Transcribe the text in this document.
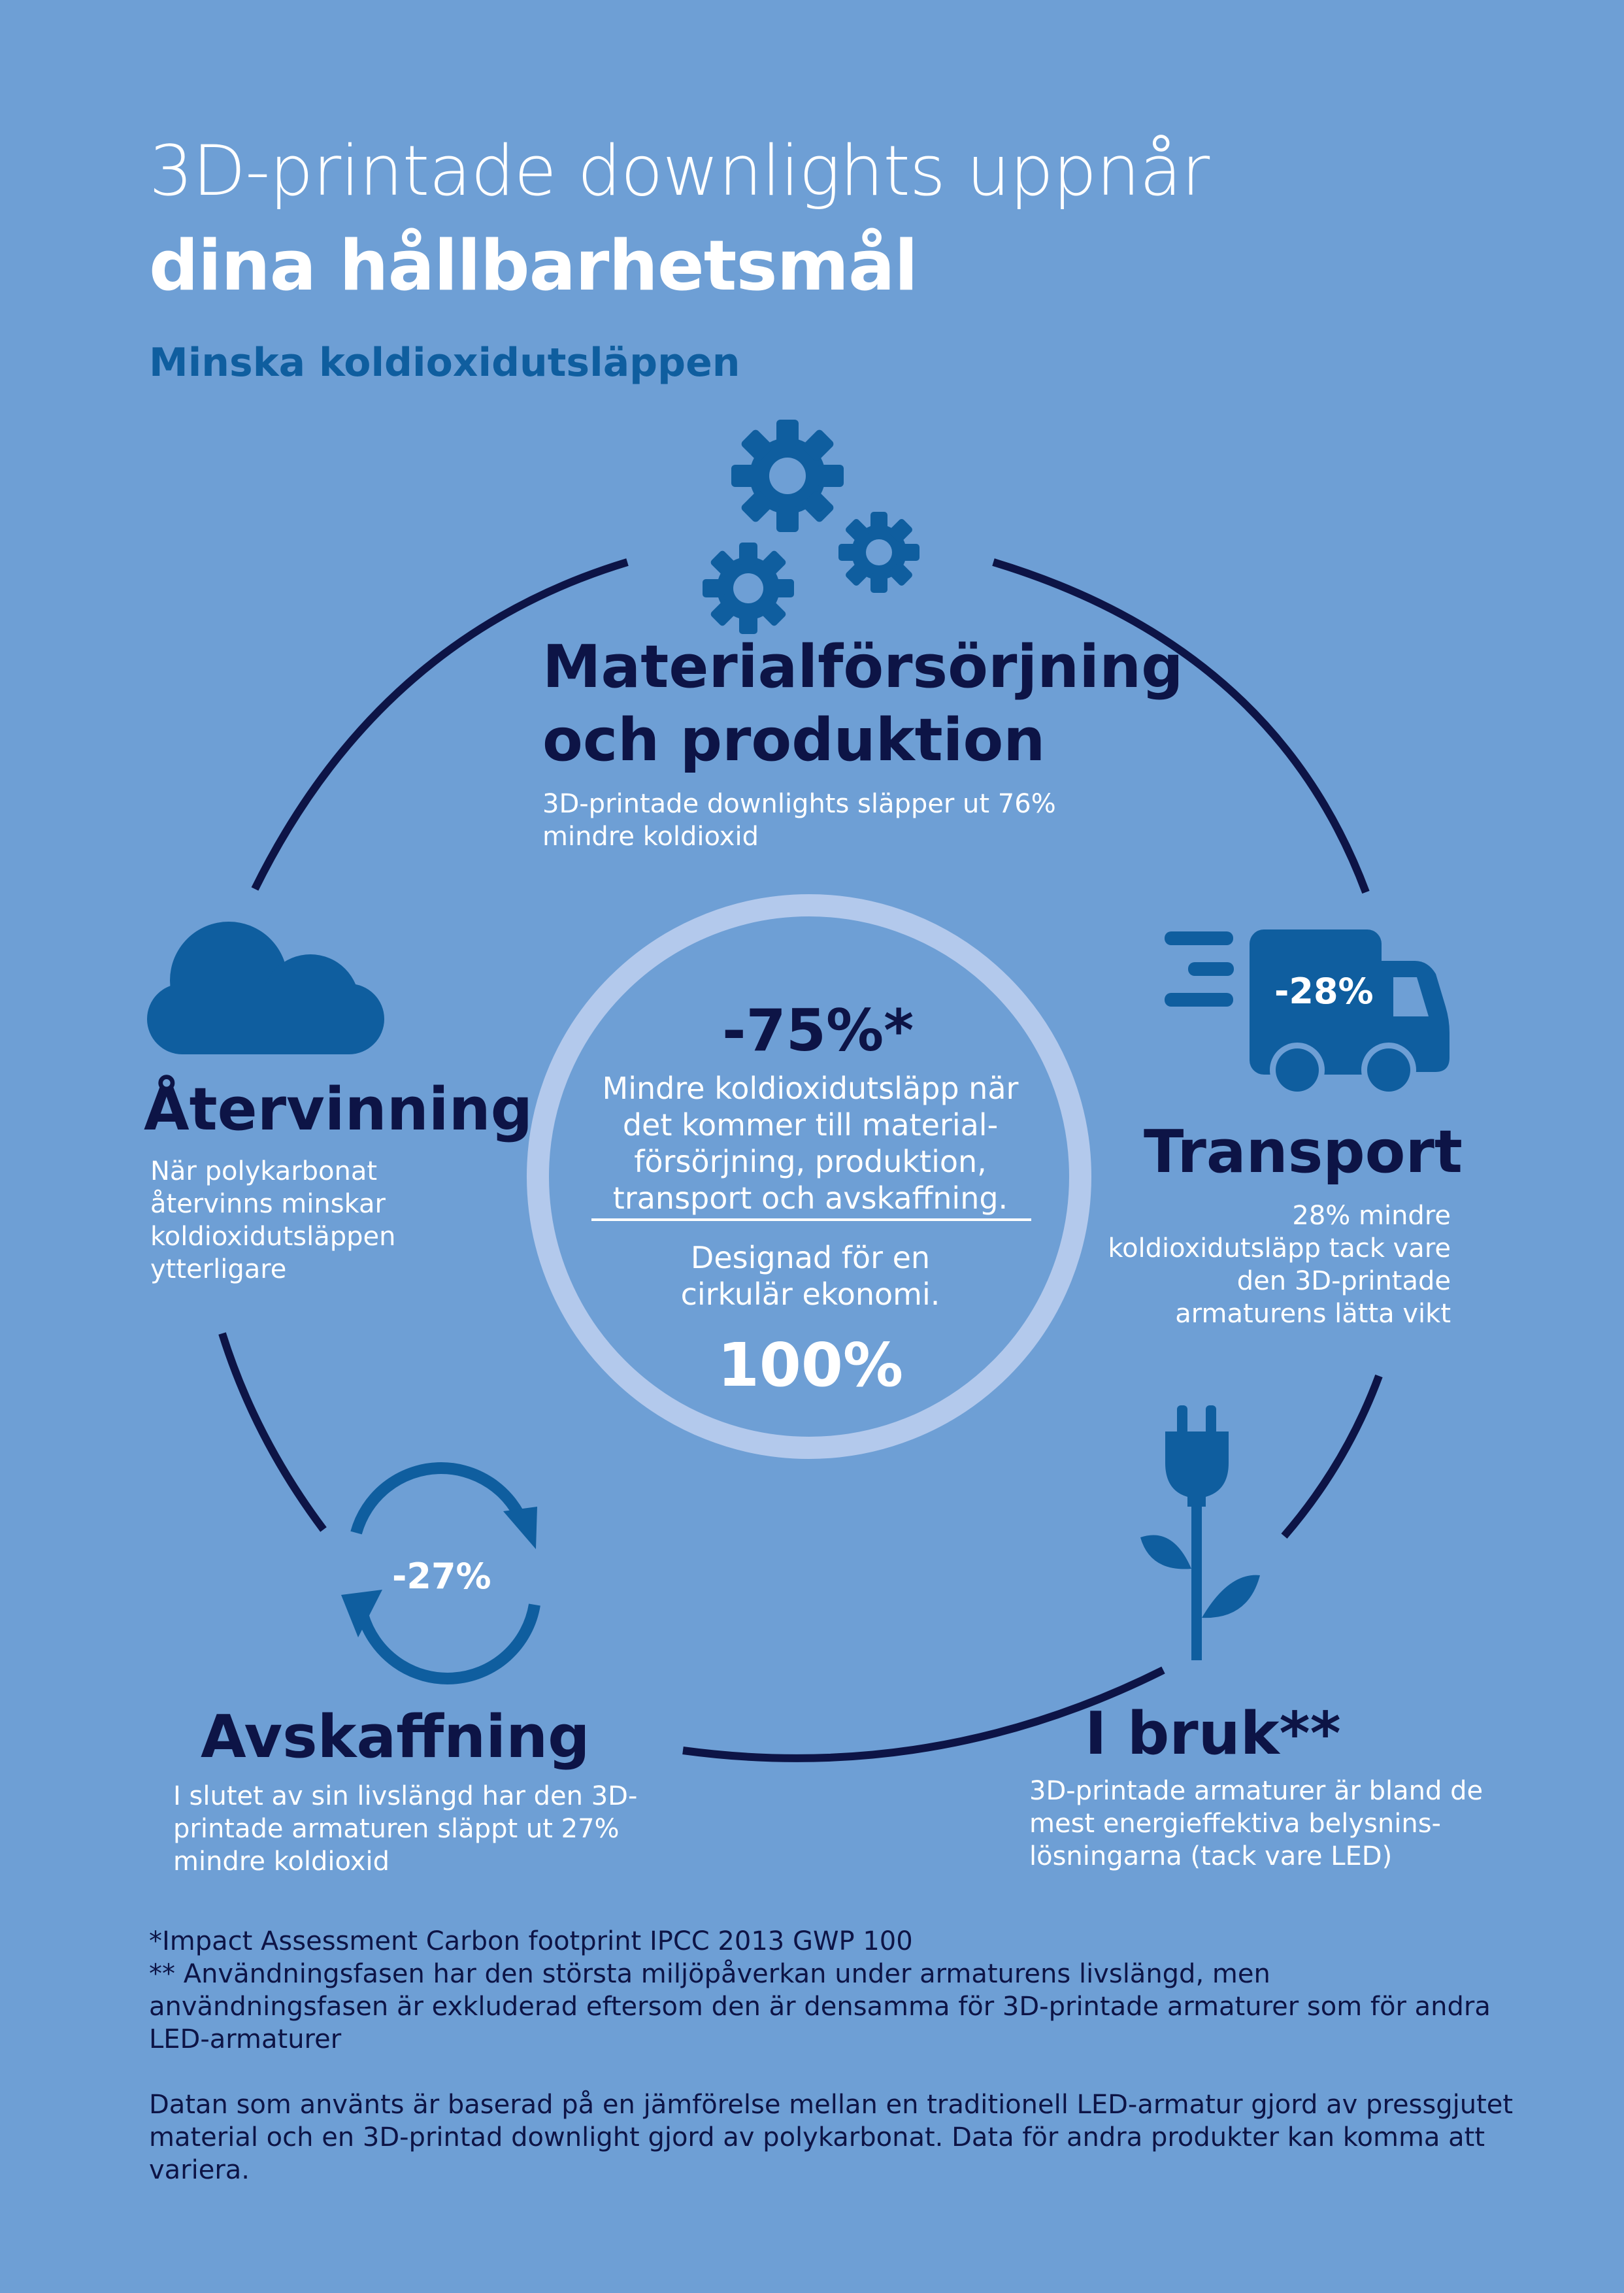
3D-printade downlights uppnår
dina hållbarhetsmål
Minska koldioxidutsläppen
Materialförsörjning och produktion
3D-printade downlights släpper ut 76% mindre koldioxid
Återvinning
När polykarbonat återvinns minskar koldioxidutsläppen ytterligare
-28%
Transport
28% mindre koldioxidutsläpp tack vare den 3D-printade armaturens lätta vikt
-27%
Avskaffning
I slutet av sin livslängd har den 3D-printade armaturen släppt ut 27% mindre koldioxid
I bruk**
3D-printade armaturer är bland de mest energieffektiva belysnins-lösningarna (tack vare LED)
-75%*
Mindre koldioxidutsläpp när det kommer till material-försörjning, produktion, transport och avskaffning.
Designad för en cirkulär ekonomi.
100%
*Impact Assessment Carbon footprint IPCC 2013 GWP 100
** Användningsfasen har den största miljöpåverkan under armaturens livslängd, men
användningsfasen är exkluderad eftersom den är densamma för 3D-printade armaturer som för andra
LED-armaturer
Datan som använts är baserad på en jämförelse mellan en traditionell LED-armatur gjord av pressgjutet
material och en 3D-printad downlight gjord av polykarbonat. Data för andra produkter kan komma att
variera.
